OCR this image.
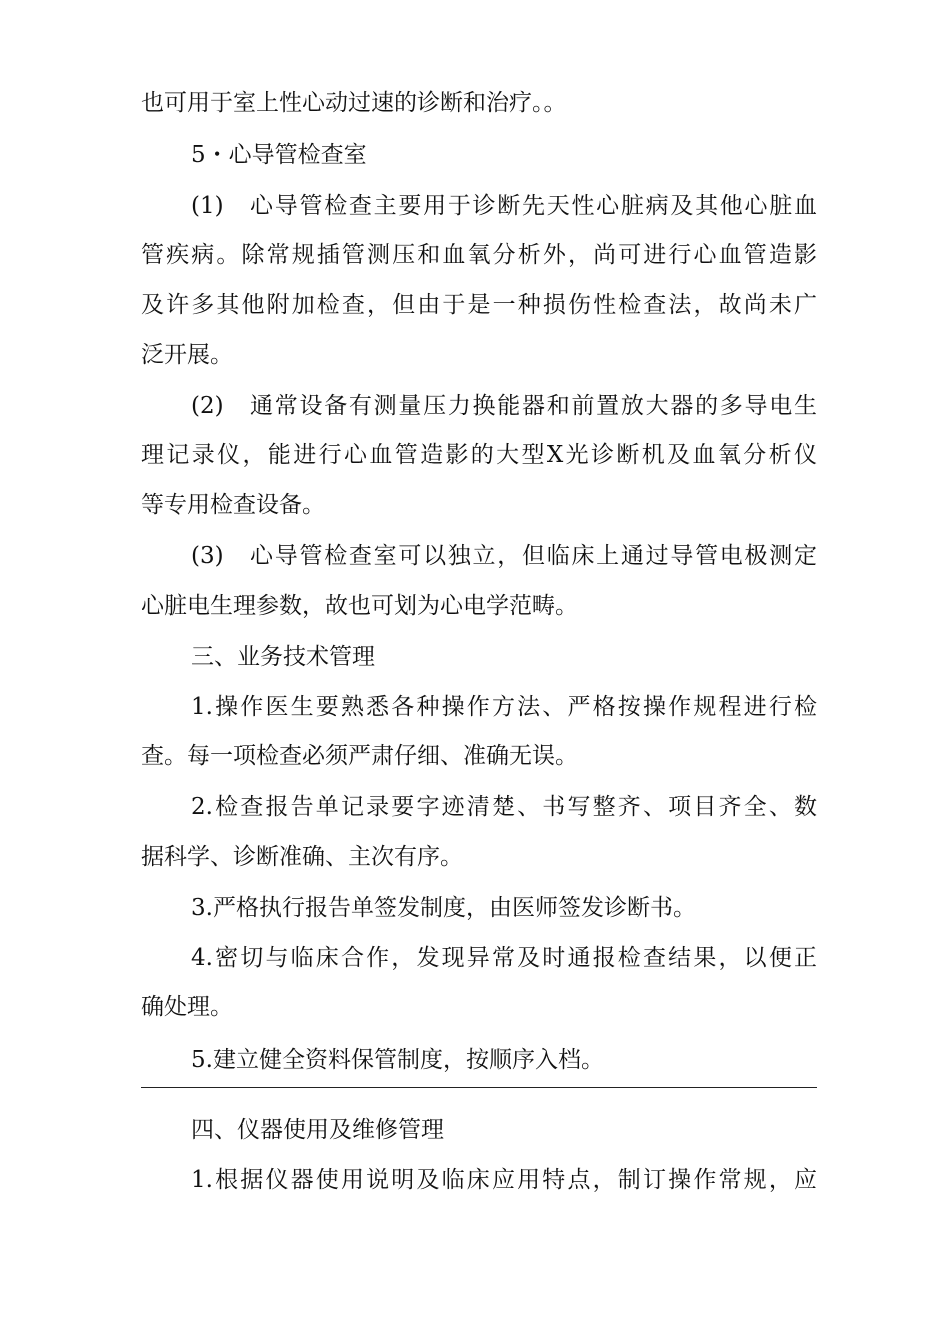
也可用于室上性心动过速的诊断和治疗。。
5・心导管检查室
(1)　心导管检查主要用于诊断先天性心脏病及其他心脏血
管疾病。除常规插管测压和血氧分析外，尚可进行心血管造影
及许多其他附加检查，但由于是一种损伤性检查法，故尚未广
泛开展。
(2)　通常设备有测量压力换能器和前置放大器的多导电生
理记录仪，能进行心血管造影的大型X光诊断机及血氧分析仪
等专用检查设备。
(3)　心导管检查室可以独立，但临床上通过导管电极测定
心脏电生理参数，故也可划为心电学范畴。
三、业务技术管理
1.操作医生要熟悉各种操作方法、严格按操作规程进行检
查。每一项检查必须严肃仔细、准确无误。
2.检查报告单记录要字迹清楚、书写整齐、项目齐全、数
据科学、诊断准确、主次有序。
3.严格执行报告单签发制度，由医师签发诊断书。
4.密切与临床合作，发现异常及时通报检查结果，以便正
确处理。
5.建立健全资料保管制度，按顺序入档。
四、仪器使用及维修管理
1.根据仪器使用说明及临床应用特点，制订操作常规，应
